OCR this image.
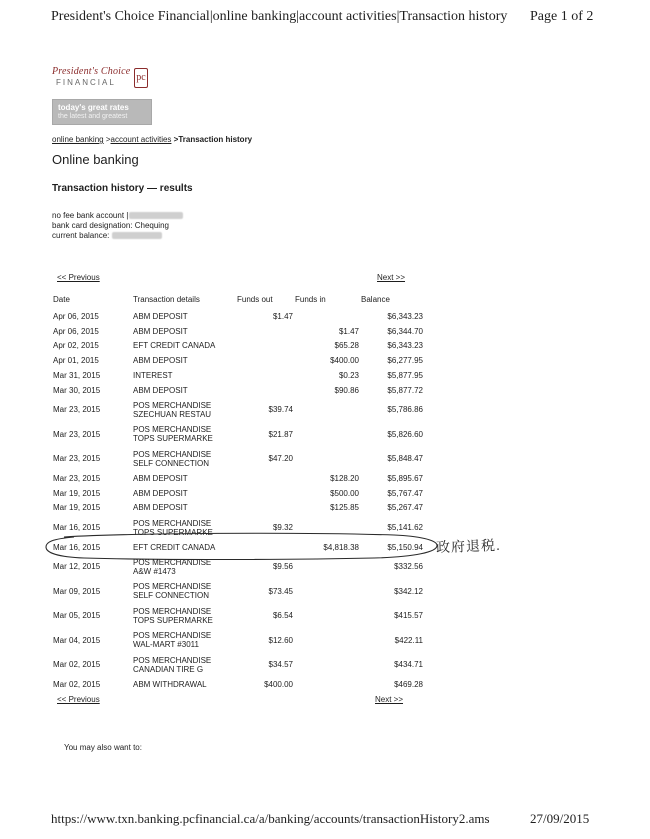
President's Choice Financial|online banking|account activities|Transaction history Page 1 of 2
President's Choice
FINANCIAL pc
today's great rates
the latest and greatest
online banking >account activities >Transaction history
Online banking
Transaction history — results
no fee bank account |
bank card designation: Chequing
current balance:
<< Previous	Next >>
Date	Transaction details	Funds out	Funds in	Balance
Apr 06, 2015	ABM DEPOSIT	$1.47		$6,343.23
Apr 06, 2015	ABM DEPOSIT		$1.47	$6,344.70
Apr 02, 2015	EFT CREDIT CANADA		$65.28	$6,343.23
Apr 01, 2015	ABM DEPOSIT		$400.00	$6,277.95
Mar 31, 2015	INTEREST		$0.23	$5,877.95
Mar 30, 2015	ABM DEPOSIT		$90.86	$5,877.72
Mar 23, 2015	POS MERCHANDISE
SZECHUAN RESTAU	$39.74		$5,786.86
Mar 23, 2015	POS MERCHANDISE
TOPS SUPERMARKE	$21.87		$5,826.60
Mar 23, 2015	POS MERCHANDISE
SELF CONNECTION	$47.20		$5,848.47
Mar 23, 2015	ABM DEPOSIT		$128.20	$5,895.67
Mar 19, 2015	ABM DEPOSIT		$500.00	$5,767.47
Mar 19, 2015	ABM DEPOSIT		$125.85	$5,267.47
Mar 16, 2015	POS MERCHANDISE
TOPS SUPERMARKE	$9.32		$5,141.62
Mar 16, 2015	EFT CREDIT CANADA		$4,818.38	$5,150.94
Mar 12, 2015	POS MERCHANDISE
A&W #1473	$9.56		$332.56
Mar 09, 2015	POS MERCHANDISE
SELF CONNECTION	$73.45		$342.12
Mar 05, 2015	POS MERCHANDISE
TOPS SUPERMARKE	$6.54		$415.57
Mar 04, 2015	POS MERCHANDISE
WAL-MART #3011	$12.60		$422.11
Mar 02, 2015	POS MERCHANDISE
CANADIAN TIRE G	$34.57		$434.71
Mar 02, 2015	ABM WITHDRAWAL	$400.00		$469.28
<< Previous	Next >>
You may also want to:
政府退税.
https://www.txn.banking.pcfinancial.ca/a/banking/accounts/transactionHistory2.ams	27/09/2015
